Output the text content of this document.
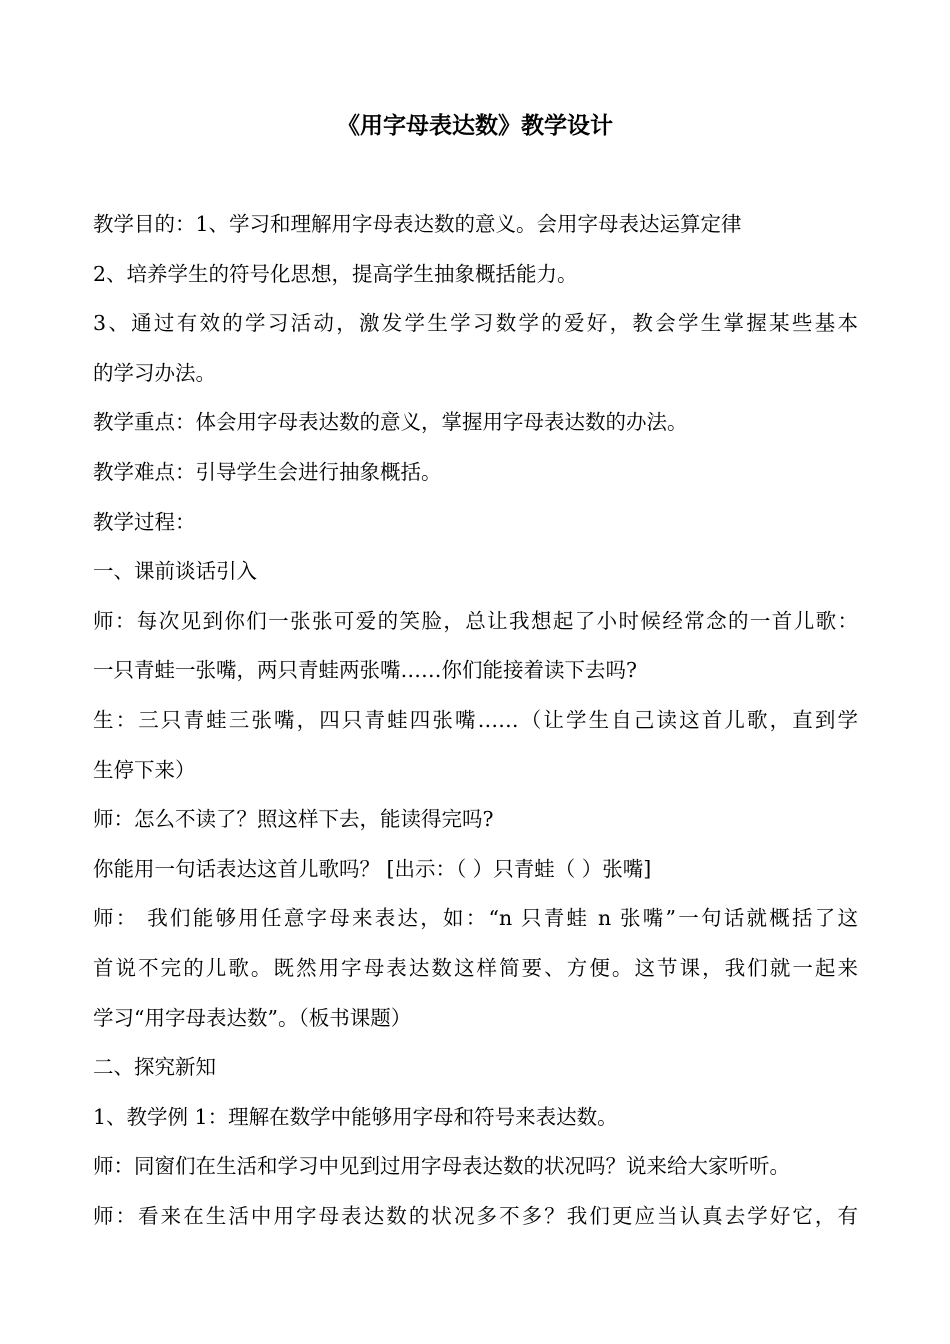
《用字母表达数》教学设计
教学目的：1、学习和理解用字母表达数的意义。会用字母表达运算定律
2、培养学生的符号化思想，提高学生抽象概括能力。
3、通过有效的学习活动，激发学生学习数学的爱好，教会学生掌握某些基本
的学习办法。
教学重点：体会用字母表达数的意义，掌握用字母表达数的办法。
教学难点：引导学生会进行抽象概括。
教学过程：
一、课前谈话引入
师：每次见到你们一张张可爱的笑脸，总让我想起了小时候经常念的一首儿歌：
一只青蛙一张嘴，两只青蛙两张嘴……你们能接着读下去吗?
生：三只青蛙三张嘴，四只青蛙四张嘴……（让学生自己读这首儿歌，直到学
生停下来）
师：怎么不读了？照这样下去，能读得完吗?
你能用一句话表达这首儿歌吗？ [出示：（ ）只青蛙（ ）张嘴]
师： 我们能够用任意字母来表达，如：“n 只青蛙 n 张嘴”一句话就概括了这
首说不完的儿歌。既然用字母表达数这样简要、方便。这节课，我们就一起来
学习“用字母表达数”。（板书课题）
二、探究新知
1、教学例 1：理解在数学中能够用字母和符号来表达数。
师：同窗们在生活和学习中见到过用字母表达数的状况吗？说来给大家听听。
师：看来在生活中用字母表达数的状况多不多？我们更应当认真去学好它，有
